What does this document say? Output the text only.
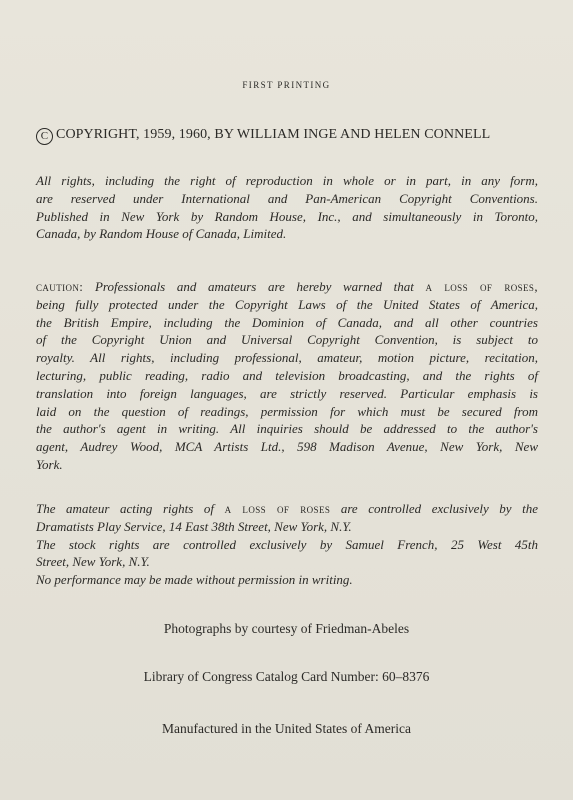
FIRST PRINTING
C COPYRIGHT, 1959, 1960, BY WILLIAM INGE AND HELEN CONNELL
All rights, including the right of reproduction in whole or in part, in any form,
are reserved under International and Pan-American Copyright Conventions.
Published in New York by Random House, Inc., and simultaneously in Toronto,
Canada, by Random House of Canada, Limited.
caution: Professionals and amateurs are hereby warned that a loss of roses,
being fully protected under the Copyright Laws of the United States of America,
the British Empire, including the Dominion of Canada, and all other countries
of the Copyright Union and Universal Copyright Convention, is subject to
royalty. All rights, including professional, amateur, motion picture, recitation,
lecturing, public reading, radio and television broadcasting, and the rights of
translation into foreign languages, are strictly reserved. Particular emphasis is
laid on the question of readings, permission for which must be secured from
the author's agent in writing. All inquiries should be addressed to the author's
agent, Audrey Wood, MCA Artists Ltd., 598 Madison Avenue, New York, New
York.
The amateur acting rights of a loss of roses are controlled exclusively by the
Dramatists Play Service, 14 East 38th Street, New York, N.Y.
The stock rights are controlled exclusively by Samuel French, 25 West 45th
Street, New York, N.Y.
No performance may be made without permission in writing.
Photographs by courtesy of Friedman-Abeles
Library of Congress Catalog Card Number: 60–8376
Manufactured in the United States of America
